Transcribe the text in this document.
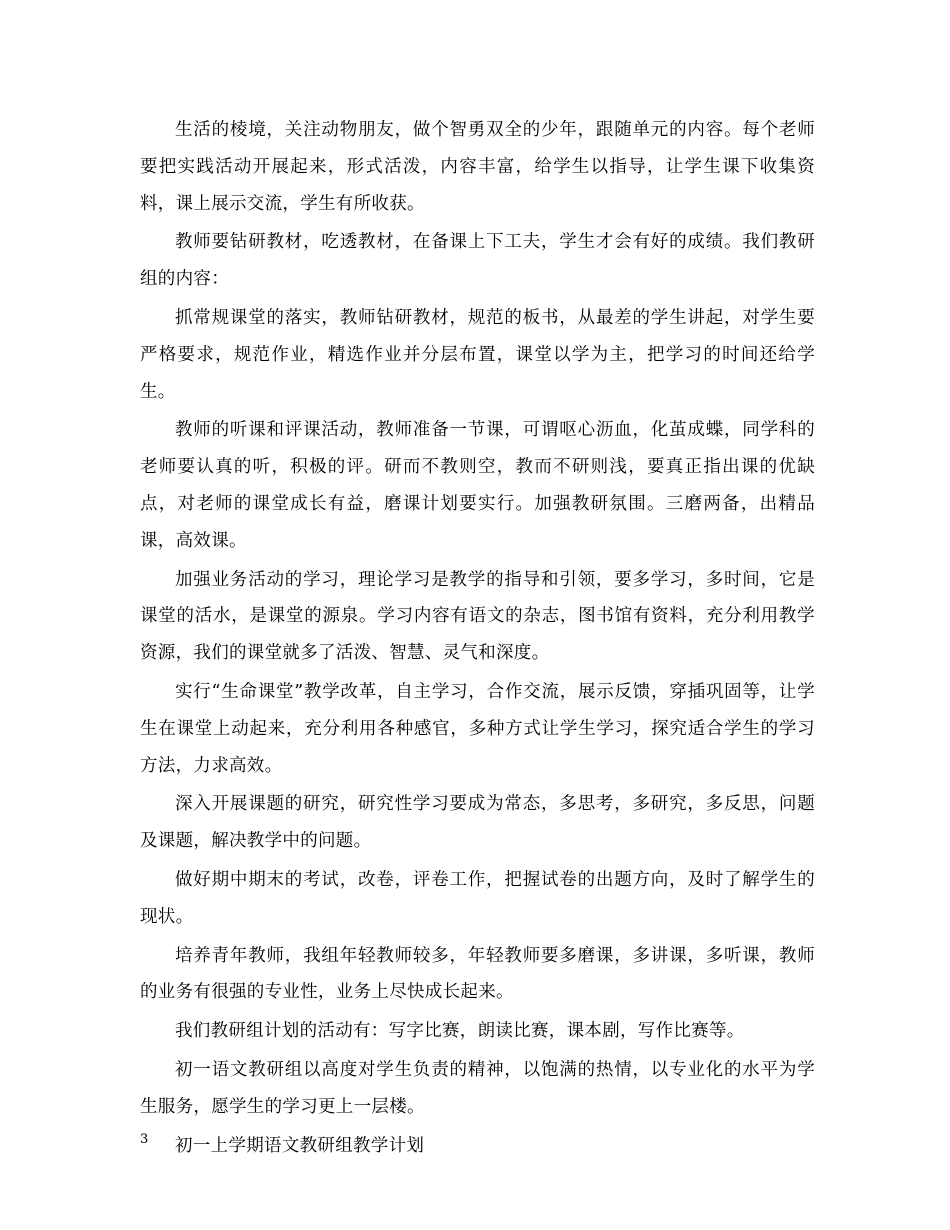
生活的棱境，关注动物朋友，做个智勇双全的少年，跟随单元的内容。每个老师要把实践活动开展起来，形式活泼，内容丰富，给学生以指导，让学生课下收集资料，课上展示交流，学生有所收获。

教师要钻研教材，吃透教材，在备课上下工夫，学生才会有好的成绩。我们教研组的内容：

抓常规课堂的落实，教师钻研教材，规范的板书，从最差的学生讲起，对学生要严格要求，规范作业，精选作业并分层布置，课堂以学为主，把学习的时间还给学生。

教师的听课和评课活动，教师准备一节课，可谓呕心沥血，化茧成蝶，同学科的老师要认真的听，积极的评。研而不教则空，教而不研则浅，要真正指出课的优缺点，对老师的课堂成长有益，磨课计划要实行。加强教研氛围。三磨两备，出精品课，高效课。

加强业务活动的学习，理论学习是教学的指导和引领，要多学习，多时间，它是课堂的活水，是课堂的源泉。学习内容有语文的杂志，图书馆有资料，充分利用教学资源，我们的课堂就多了活泼、智慧、灵气和深度。

实行“生命课堂”教学改革，自主学习，合作交流，展示反馈，穿插巩固等，让学生在课堂上动起来，充分利用各种感官，多种方式让学生学习，探究适合学生的学习方法，力求高效。

深入开展课题的研究，研究性学习要成为常态，多思考，多研究，多反思，问题及课题，解决教学中的问题。

做好期中期末的考试，改卷，评卷工作，把握试卷的出题方向，及时了解学生的现状。

培养青年教师，我组年轻教师较多，年轻教师要多磨课，多讲课，多听课，教师的业务有很强的专业性，业务上尽快成长起来。

我们教研组计划的活动有：写字比赛，朗读比赛，课本剧，写作比赛等。

初一语文教研组以高度对学生负责的精神，以饱满的热情，以专业化的水平为学生服务，愿学生的学习更上一层楼。

初一上学期语文教研组教学计划

3
